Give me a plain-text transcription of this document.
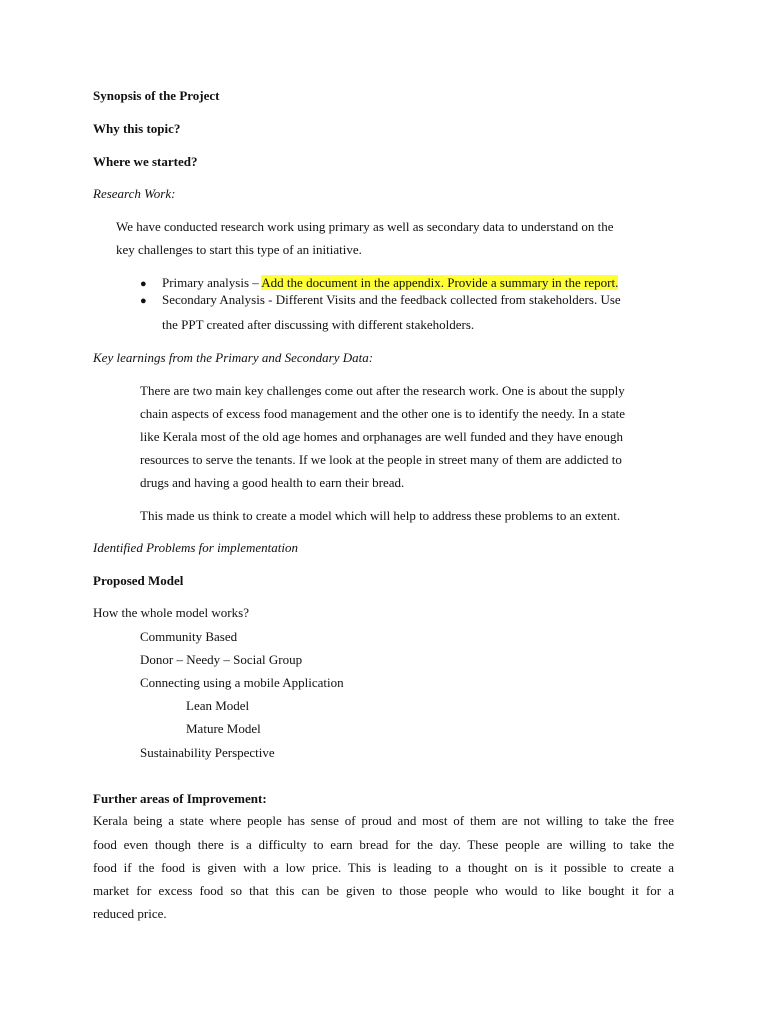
Synopsis of the Project
Why this topic?
Where we started?
Research Work:
We have conducted research work using primary as well as secondary data to understand on the
key challenges to start this type of an initiative.
● Primary analysis – Add the document in the appendix. Provide a summary in the report.
● Secondary Analysis - Different Visits and the feedback collected from stakeholders. Use
the PPT created after discussing with different stakeholders.
Key learnings from the Primary and Secondary Data:
There are two main key challenges come out after the research work. One is about the supply
chain aspects of excess food management and the other one is to identify the needy. In a state
like Kerala most of the old age homes and orphanages are well funded and they have enough
resources to serve the tenants. If we look at the people in street many of them are addicted to
drugs and having a good health to earn their bread.
This made us think to create a model which will help to address these problems to an extent.
Identified Problems for implementation
Proposed Model
How the whole model works?
Community Based
Donor – Needy – Social Group
Connecting using a mobile Application
Lean Model
Mature Model
Sustainability Perspective
Further areas of Improvement:
Kerala being a state where people has sense of proud and most of them are not willing to take the free
food even though there is a difficulty to earn bread for the day. These people are willing to take the
food if the food is given with a low price. This is leading to a thought on is it possible to create a
market for excess food so that this can be given to those people who would to like bought it for a
reduced price.
